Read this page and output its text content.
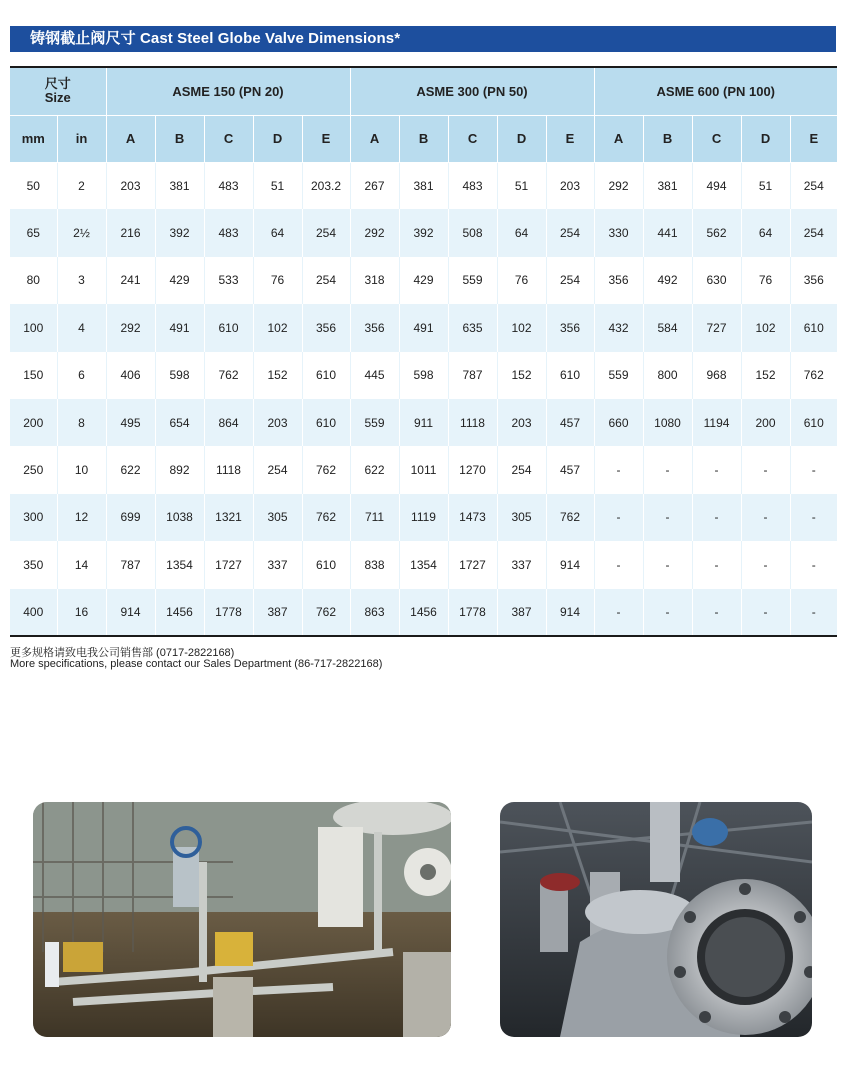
铸钢截止阀尺寸 Cast Steel Globe Valve Dimensions*
尺寸
Size		ASME 150 (PN 20)					ASME 300 (PN 50)					ASME 600 (PN 100)				
mm	in	A	B	C	D	E	A	B	C	D	E	A	B	C	D	E
50	2	203	381	483	51	203.2	267	381	483	51	203	292	381	494	51	254
65	2½	216	392	483	64	254	292	392	508	64	254	330	441	562	64	254
80	3	241	429	533	76	254	318	429	559	76	254	356	492	630	76	356
100	4	292	491	610	102	356	356	491	635	102	356	432	584	727	102	610
150	6	406	598	762	152	610	445	598	787	152	610	559	800	968	152	762
200	8	495	654	864	203	610	559	911	1118	203	457	660	1080	1194	200	610
250	10	622	892	1118	254	762	622	1011	1270	254	457	-	-	-	-	-
300	12	699	1038	1321	305	762	711	1119	1473	305	762	-	-	-	-	-
350	14	787	1354	1727	337	610	838	1354	1727	337	914	-	-	-	-	-
400	16	914	1456	1778	387	762	863	1456	1778	387	914	-	-	-	-	-
更多规格请致电我公司销售部 (0717-2822168)
More specifications, please contact our Sales Department (86-717-2822168)
